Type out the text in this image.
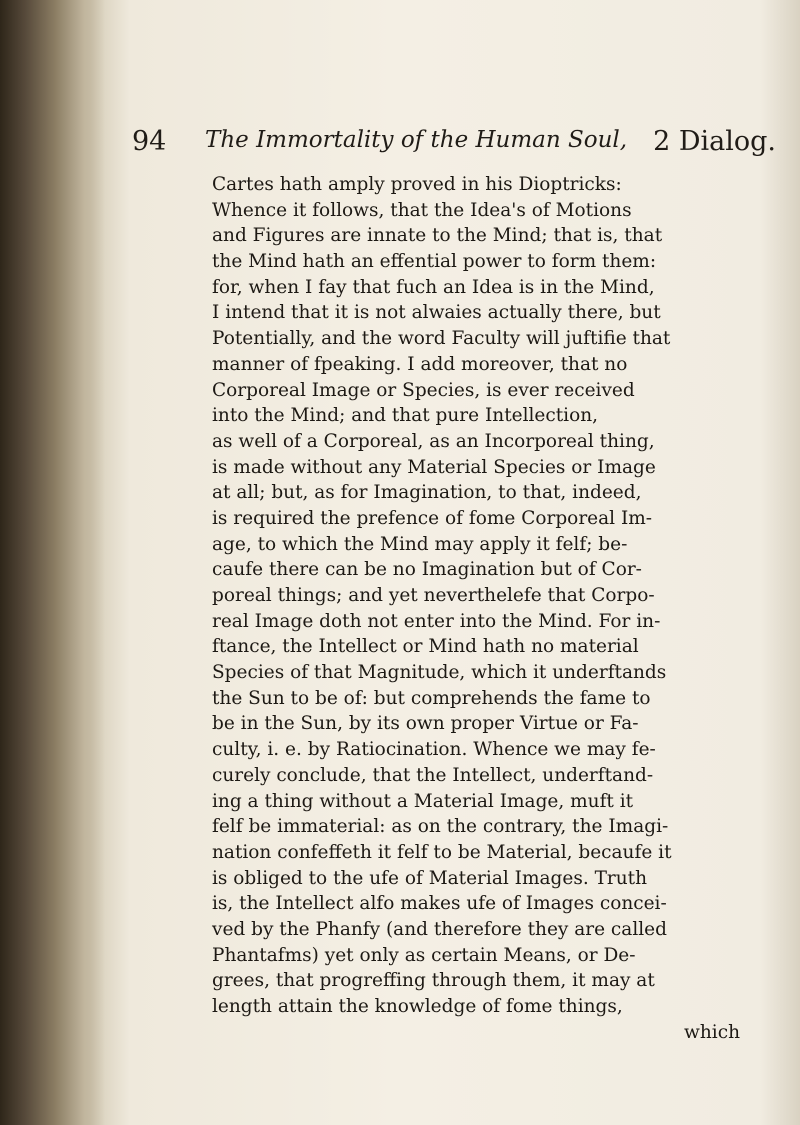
94 The Immortality of the Human Soul, 2 Dialog.
Cartes hath amply proved in his Dioptricks:
Whence it follows, that the Idea's of Motions
and Figures are innate to the Mind; that is, that
the Mind hath an effential power to form them:
for, when I fay that fuch an Idea is in the Mind,
I intend that it is not alwaies actually there, but
Potentially, and the word Faculty will juftifie that
manner of fpeaking. I add moreover, that no
Corporeal Image or Species, is ever received
into the Mind; and that pure Intellection,
as well of a Corporeal, as an Incorporeal thing,
is made without any Material Species or Image
at all; but, as for Imagination, to that, indeed,
is required the prefence of fome Corporeal Im-
age, to which the Mind may apply it felf; be-
caufe there can be no Imagination but of Cor-
poreal things; and yet neverthelefe that Corpo-
real Image doth not enter into the Mind. For in-
ftance, the Intellect or Mind hath no material
Species of that Magnitude, which it underftands
the Sun to be of: but comprehends the fame to
be in the Sun, by its own proper Virtue or Fa-
culty, i. e. by Ratiocination. Whence we may fe-
curely conclude, that the Intellect, underftand-
ing a thing without a Material Image, muft it
felf be immaterial: as on the contrary, the Imagi-
nation confeffeth it felf to be Material, becaufe it
is obliged to the ufe of Material Images. Truth
is, the Intellect alfo makes ufe of Images concei-
ved by the Phanfy (and therefore they are called
Phantafms) yet only as certain Means, or De-
grees, that progreffing through them, it may at
length attain the knowledge of fome things,
which
